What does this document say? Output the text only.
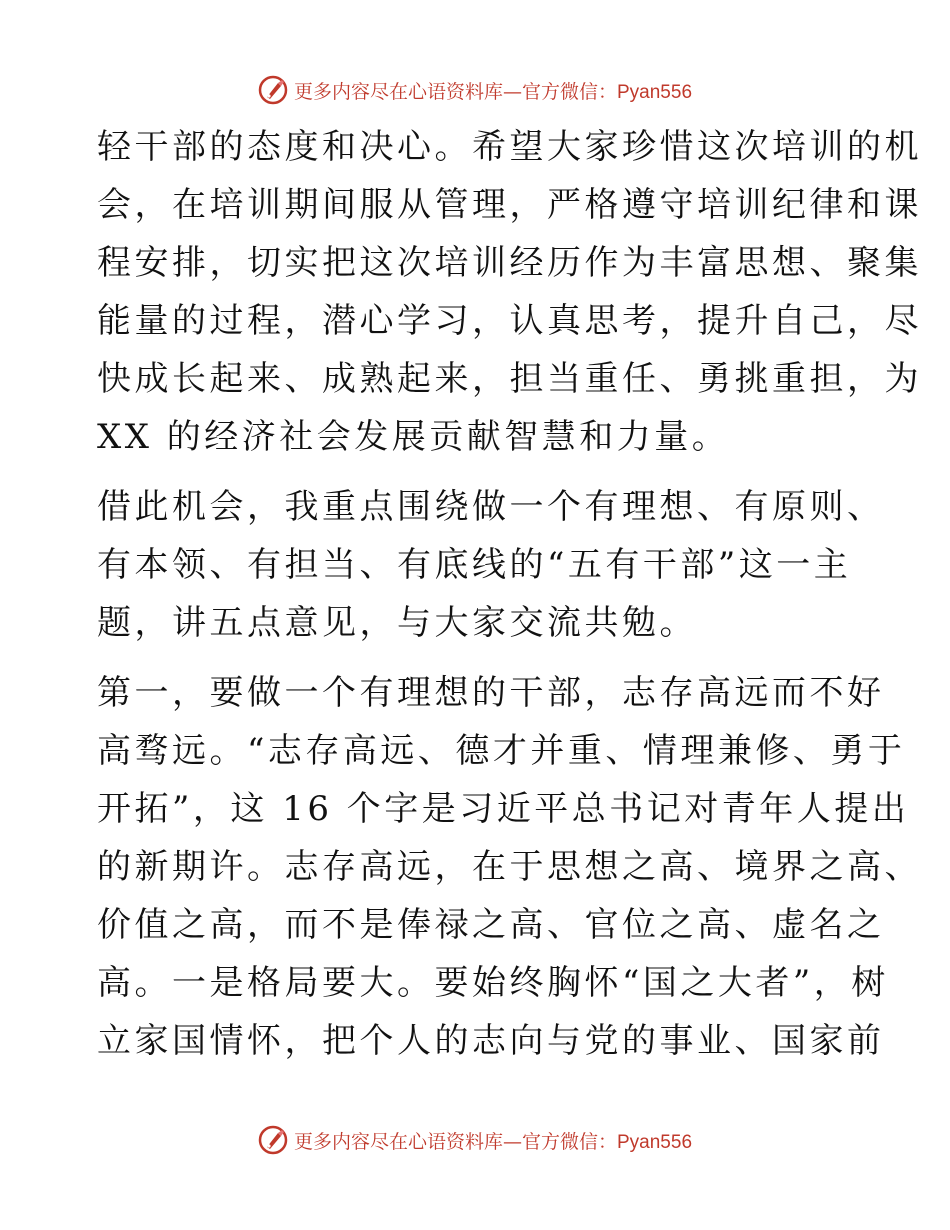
更多内容尽在心语资料库—官方微信：Pyan556

轻干部的态度和决心。希望大家珍惜这次培训的机
会，在培训期间服从管理，严格遵守培训纪律和课
程安排，切实把这次培训经历作为丰富思想、聚集
能量的过程，潜心学习，认真思考，提升自己，尽
快成长起来、成熟起来，担当重任、勇挑重担，为
XX 的经济社会发展贡献智慧和力量。

借此机会，我重点围绕做一个有理想、有原则、
有本领、有担当、有底线的“五有干部”这一主
题，讲五点意见，与大家交流共勉。

第一，要做一个有理想的干部，志存高远而不好
高骛远。“志存高远、德才并重、情理兼修、勇于
开拓”，这 16 个字是习近平总书记对青年人提出
的新期许。志存高远，在于思想之高、境界之高、
价值之高，而不是俸禄之高、官位之高、虚名之
高。一是格局要大。要始终胸怀“国之大者”，树
立家国情怀，把个人的志向与党的事业、国家前

更多内容尽在心语资料库—官方微信：Pyan556
